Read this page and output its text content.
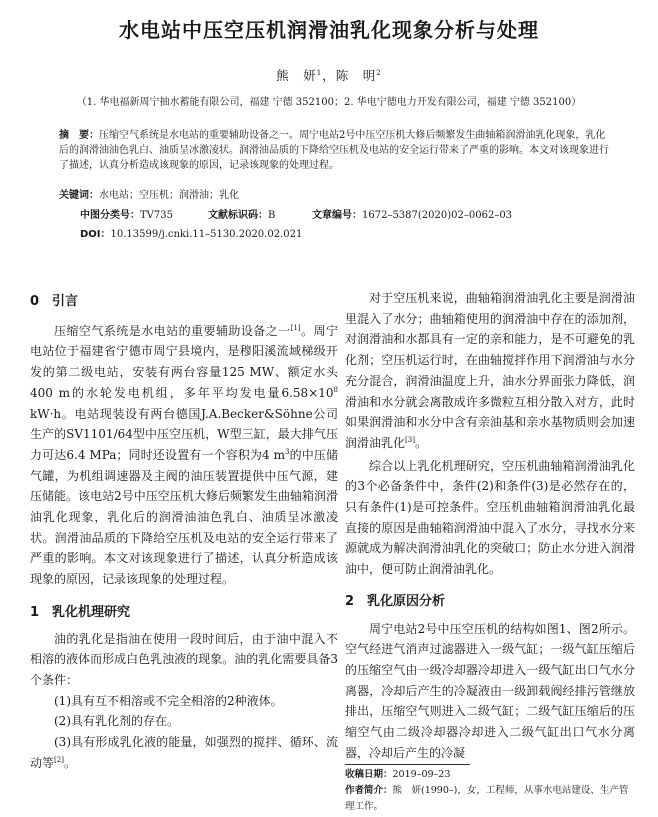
水电站中压空压机润滑油乳化现象分析与处理
熊　妍$^1$，陈　明$^2$
（1. 华电福新周宁抽水蓄能有限公司，福建 宁德 352100；2. 华电宁德电力开发有限公司，福建 宁德 352100）
摘　要：压缩空气系统是水电站的重要辅助设备之一。周宁电站2号中压空压机大修后频繁发生曲轴箱润滑油乳化现象，乳化后的润滑油油色乳白、油质呈冰激凌状。润滑油品质的下降给空压机及电站的安全运行带来了严重的影响。本文对该现象进行了描述，认真分析造成该现象的原因，记录该现象的处理过程。
关键词：水电站；空压机；润滑油；乳化
中图分类号：TV735	文献标识码：B	文章编号：1672–5387(2020)02–0062–03
DOI：10.13599/j.cnki.11–5130.2020.02.021
0　引言

压缩空气系统是水电站的重要辅助设备之一[1]。周宁电站位于福建省宁德市周宁县境内，是穆阳溪流域梯级开发的第二级电站，安装有两台容量125 MW、额定水头400 m的水轮发电机组，多年平均发电量$6.58\times 10^8$ kW·h。电站现装设有两台德国J.A.Becker&Söhne公司生产的SV1101/64型中压空压机，W型三缸，最大排气压力可达6.4 MPa；同时还设置有一个容积为4 $m^3$的中压储气罐，为机组调速器及主阀的油压装置提供中压气源，建压储能。该电站2号中压空压机大修后频繁发生曲轴箱润滑油乳化现象，乳化后的润滑油油色乳白、油质呈冰激凌状。润滑油品质的下降给空压机及电站的安全运行带来了严重的影响。本文对该现象进行了描述，认真分析造成该现象的原因，记录该现象的处理过程。

1　乳化机理研究

油的乳化是指油在使用一段时间后，由于油中混入不相溶的液体而形成白色乳浊液的现象。油的乳化需要具备3个条件：

(1)具有互不相溶或不完全相溶的2种液体。
(2)具有乳化剂的存在。

(3)具有形成乳化液的能量，如强烈的搅拌、循环、流动等[2]。

对于空压机来说，曲轴箱润滑油乳化主要是润滑油里混入了水分；曲轴箱使用的润滑油中存在的添加剂，对润滑油和水都具有一定的亲和能力，是不可避免的乳化剂；空压机运行时，在曲轴搅拌作用下润滑油与水分充分混合，润滑油温度上升，油水分界面张力降低，润滑油和水分就会离散成许多微粒互相分散入对方，此时如果润滑油和水分中含有亲油基和亲水基物质则会加速润滑油乳化[3]。

综合以上乳化机理研究，空压机曲轴箱润滑油乳化的3个必备条件中，条件(2)和条件(3)是必然存在的，只有条件(1)是可控条件。空压机曲轴箱润滑油乳化最直接的原因是曲轴箱润滑油中混入了水分，寻找水分来源就成为解决润滑油乳化的突破口；防止水分进入润滑油中，便可防止润滑油乳化。

2　乳化原因分析

周宁电站2号中压空压机的结构如图1、图2所示。空气经进气消声过滤器进入一级气缸；一级气缸压缩后的压缩空气由一级冷却器冷却进入一级气缸出口气水分离器，冷却后产生的冷凝液由一级卸载阀经排污管继放排出，压缩空气则进入二级气缸；二级气缸压缩后的压缩空气由二级冷却器冷却进入二级气缸出口气水分离器，冷却后产生的冷凝

收稿日期：2019–09–23
作者简介：熊　妍(1990–)，女，工程师，从事水电站建设、生产管理工作。
